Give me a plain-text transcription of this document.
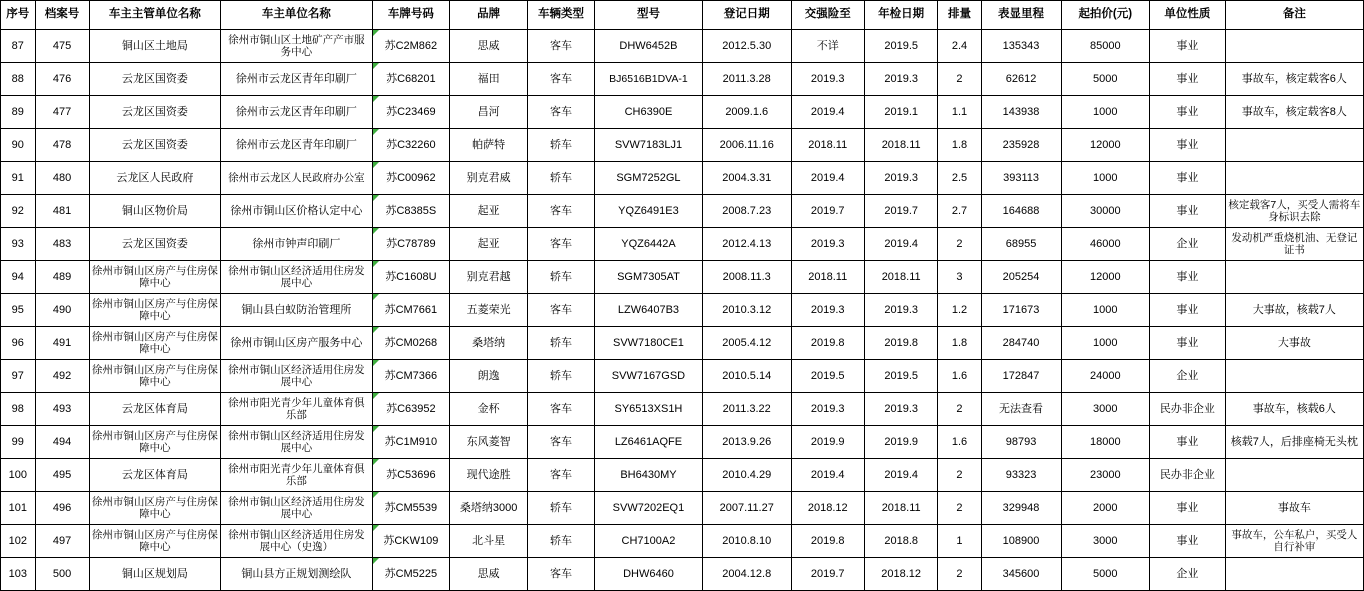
序号	档案号	车主主管单位名称	车主单位名称	车牌号码	品牌	车辆类型	型号	登记日期	交强险至	年检日期	排量	表显里程	起拍价(元)	单位性质	备注
87	475	铜山区土地局	徐州市铜山区土地矿产产市服务中心	苏C2M862	思威	客车	DHW6452B	2012.5.30	不详	2019.5	2.4	135343	85000	事业	
88	476	云龙区国资委	徐州市云龙区青年印刷厂	苏C68201	福田	客车	BJ6516B1DVA-1	2011.3.28	2019.3	2019.3	2	62612	5000	事业	事故车，核定载客6人
89	477	云龙区国资委	徐州市云龙区青年印刷厂	苏C23469	昌河	客车	CH6390E	2009.1.6	2019.4	2019.1	1.1	143938	1000	事业	事故车，核定载客8人
90	478	云龙区国资委	徐州市云龙区青年印刷厂	苏C32260	帕萨特	轿车	SVW7183LJ1	2006.11.16	2018.11	2018.11	1.8	235928	12000	事业	
91	480	云龙区人民政府	徐州市云龙区人民政府办公室	苏C00962	别克君威	轿车	SGM7252GL	2004.3.31	2019.4	2019.3	2.5	393113	1000	事业	
92	481	铜山区物价局	徐州市铜山区价格认定中心	苏C8385S	起亚	客车	YQZ6491E3	2008.7.23	2019.7	2019.7	2.7	164688	30000	事业	核定载客7人，买受人需将车身标识去除
93	483	云龙区国资委	徐州市钟声印刷厂	苏C78789	起亚	客车	YQZ6442A	2012.4.13	2019.3	2019.4	2	68955	46000	企业	发动机严重烧机油、无登记证书
94	489	徐州市铜山区房产与住房保障中心	徐州市铜山区经济适用住房发展中心	苏C1608U	别克君越	轿车	SGM7305AT	2008.11.3	2018.11	2018.11	3	205254	12000	事业	
95	490	徐州市铜山区房产与住房保障中心	铜山县白蚁防治管理所	苏CM7661	五菱荣光	客车	LZW6407B3	2010.3.12	2019.3	2019.3	1.2	171673	1000	事业	大事故，核载7人
96	491	徐州市铜山区房产与住房保障中心	徐州市铜山区房产服务中心	苏CM0268	桑塔纳	轿车	SVW7180CE1	2005.4.12	2019.8	2019.8	1.8	284740	1000	事业	大事故
97	492	徐州市铜山区房产与住房保障中心	徐州市铜山区经济适用住房发展中心	苏CM7366	朗逸	轿车	SVW7167GSD	2010.5.14	2019.5	2019.5	1.6	172847	24000	企业	
98	493	云龙区体育局	徐州市阳光青少年儿童体育俱乐部	苏C63952	金杯	客车	SY6513XS1H	2011.3.22	2019.3	2019.3	2	无法查看	3000	民办非企业	事故车，核载6人
99	494	徐州市铜山区房产与住房保障中心	徐州市铜山区经济适用住房发展中心	苏C1M910	东风菱智	客车	LZ6461AQFE	2013.9.26	2019.9	2019.9	1.6	98793	18000	事业	核载7人，后排座椅无头枕
100	495	云龙区体育局	徐州市阳光青少年儿童体育俱乐部	苏C53696	现代途胜	客车	BH6430MY	2010.4.29	2019.4	2019.4	2	93323	23000	民办非企业	
101	496	徐州市铜山区房产与住房保障中心	徐州市铜山区经济适用住房发展中心	苏CM5539	桑塔纳3000	轿车	SVW7202EQ1	2007.11.27	2018.12	2018.11	2	329948	2000	事业	事故车
102	497	徐州市铜山区房产与住房保障中心	徐州市铜山区经济适用住房发展中心（史逸）	苏CKW109	北斗星	轿车	CH7100A2	2010.8.10	2019.8	2018.8	1	108900	3000	事业	事故车，公车私户，买受人自行补审
103	500	铜山区规划局	铜山县方正规划测绘队	苏CM5225	思威	客车	DHW6460	2004.12.8	2019.7	2018.12	2	345600	5000	企业	
